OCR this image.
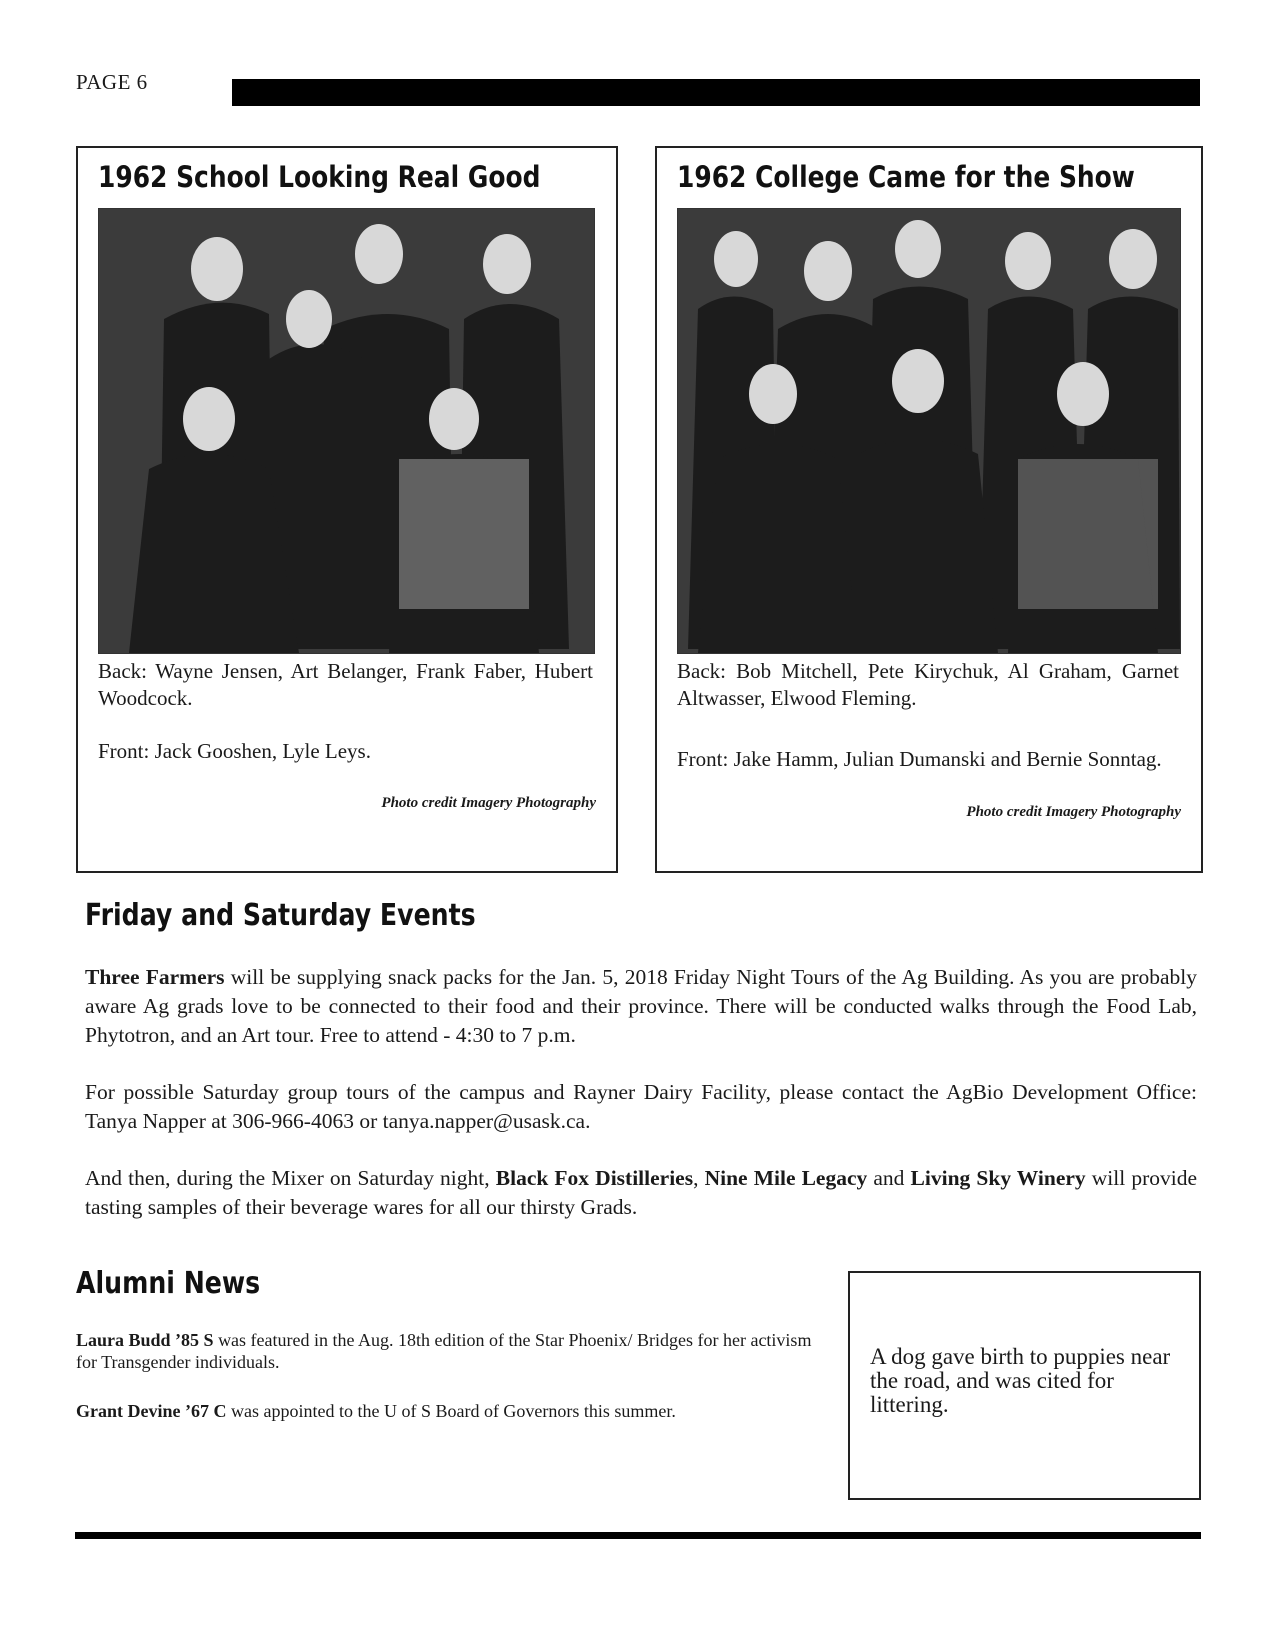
PAGE 6
1962 School Looking Real Good
Back: Wayne Jensen, Art Belanger, Frank Faber, Hubert Woodcock.
Front: Jack Gooshen, Lyle Leys.
Photo credit Imagery Photography
1962 College Came for the Show
Back: Bob Mitchell, Pete Kirychuk, Al Graham, Garnet Altwasser, Elwood Fleming.
Front: Jake Hamm, Julian Dumanski and Bernie Sonntag.
Photo credit Imagery Photography
Friday and Saturday Events
Three Farmers will be supplying snack packs for the Jan. 5, 2018 Friday Night Tours of the Ag Building. As you are probably aware Ag grads love to be connected to their food and their province. There will be conducted walks through the Food Lab, Phytotron, and an Art tour. Free to attend - 4:30 to 7 p.m.
For possible Saturday group tours of the campus and Rayner Dairy Facility, please contact the AgBio Development Office: Tanya Napper at 306-966-4063 or tanya.napper@usask.ca.
And then, during the Mixer on Saturday night, Black Fox Distilleries, Nine Mile Legacy and Living Sky Winery will provide tasting samples of their beverage wares for all our thirsty Grads.
Alumni News
Laura Budd ’85 S was featured in the Aug. 18th edition of the Star Phoenix/ Bridges for her activism for Transgender individuals.
Grant Devine ’67 C was appointed to the U of S Board of Governors this summer.
A dog gave birth to puppies near the road, and was cited for littering.
